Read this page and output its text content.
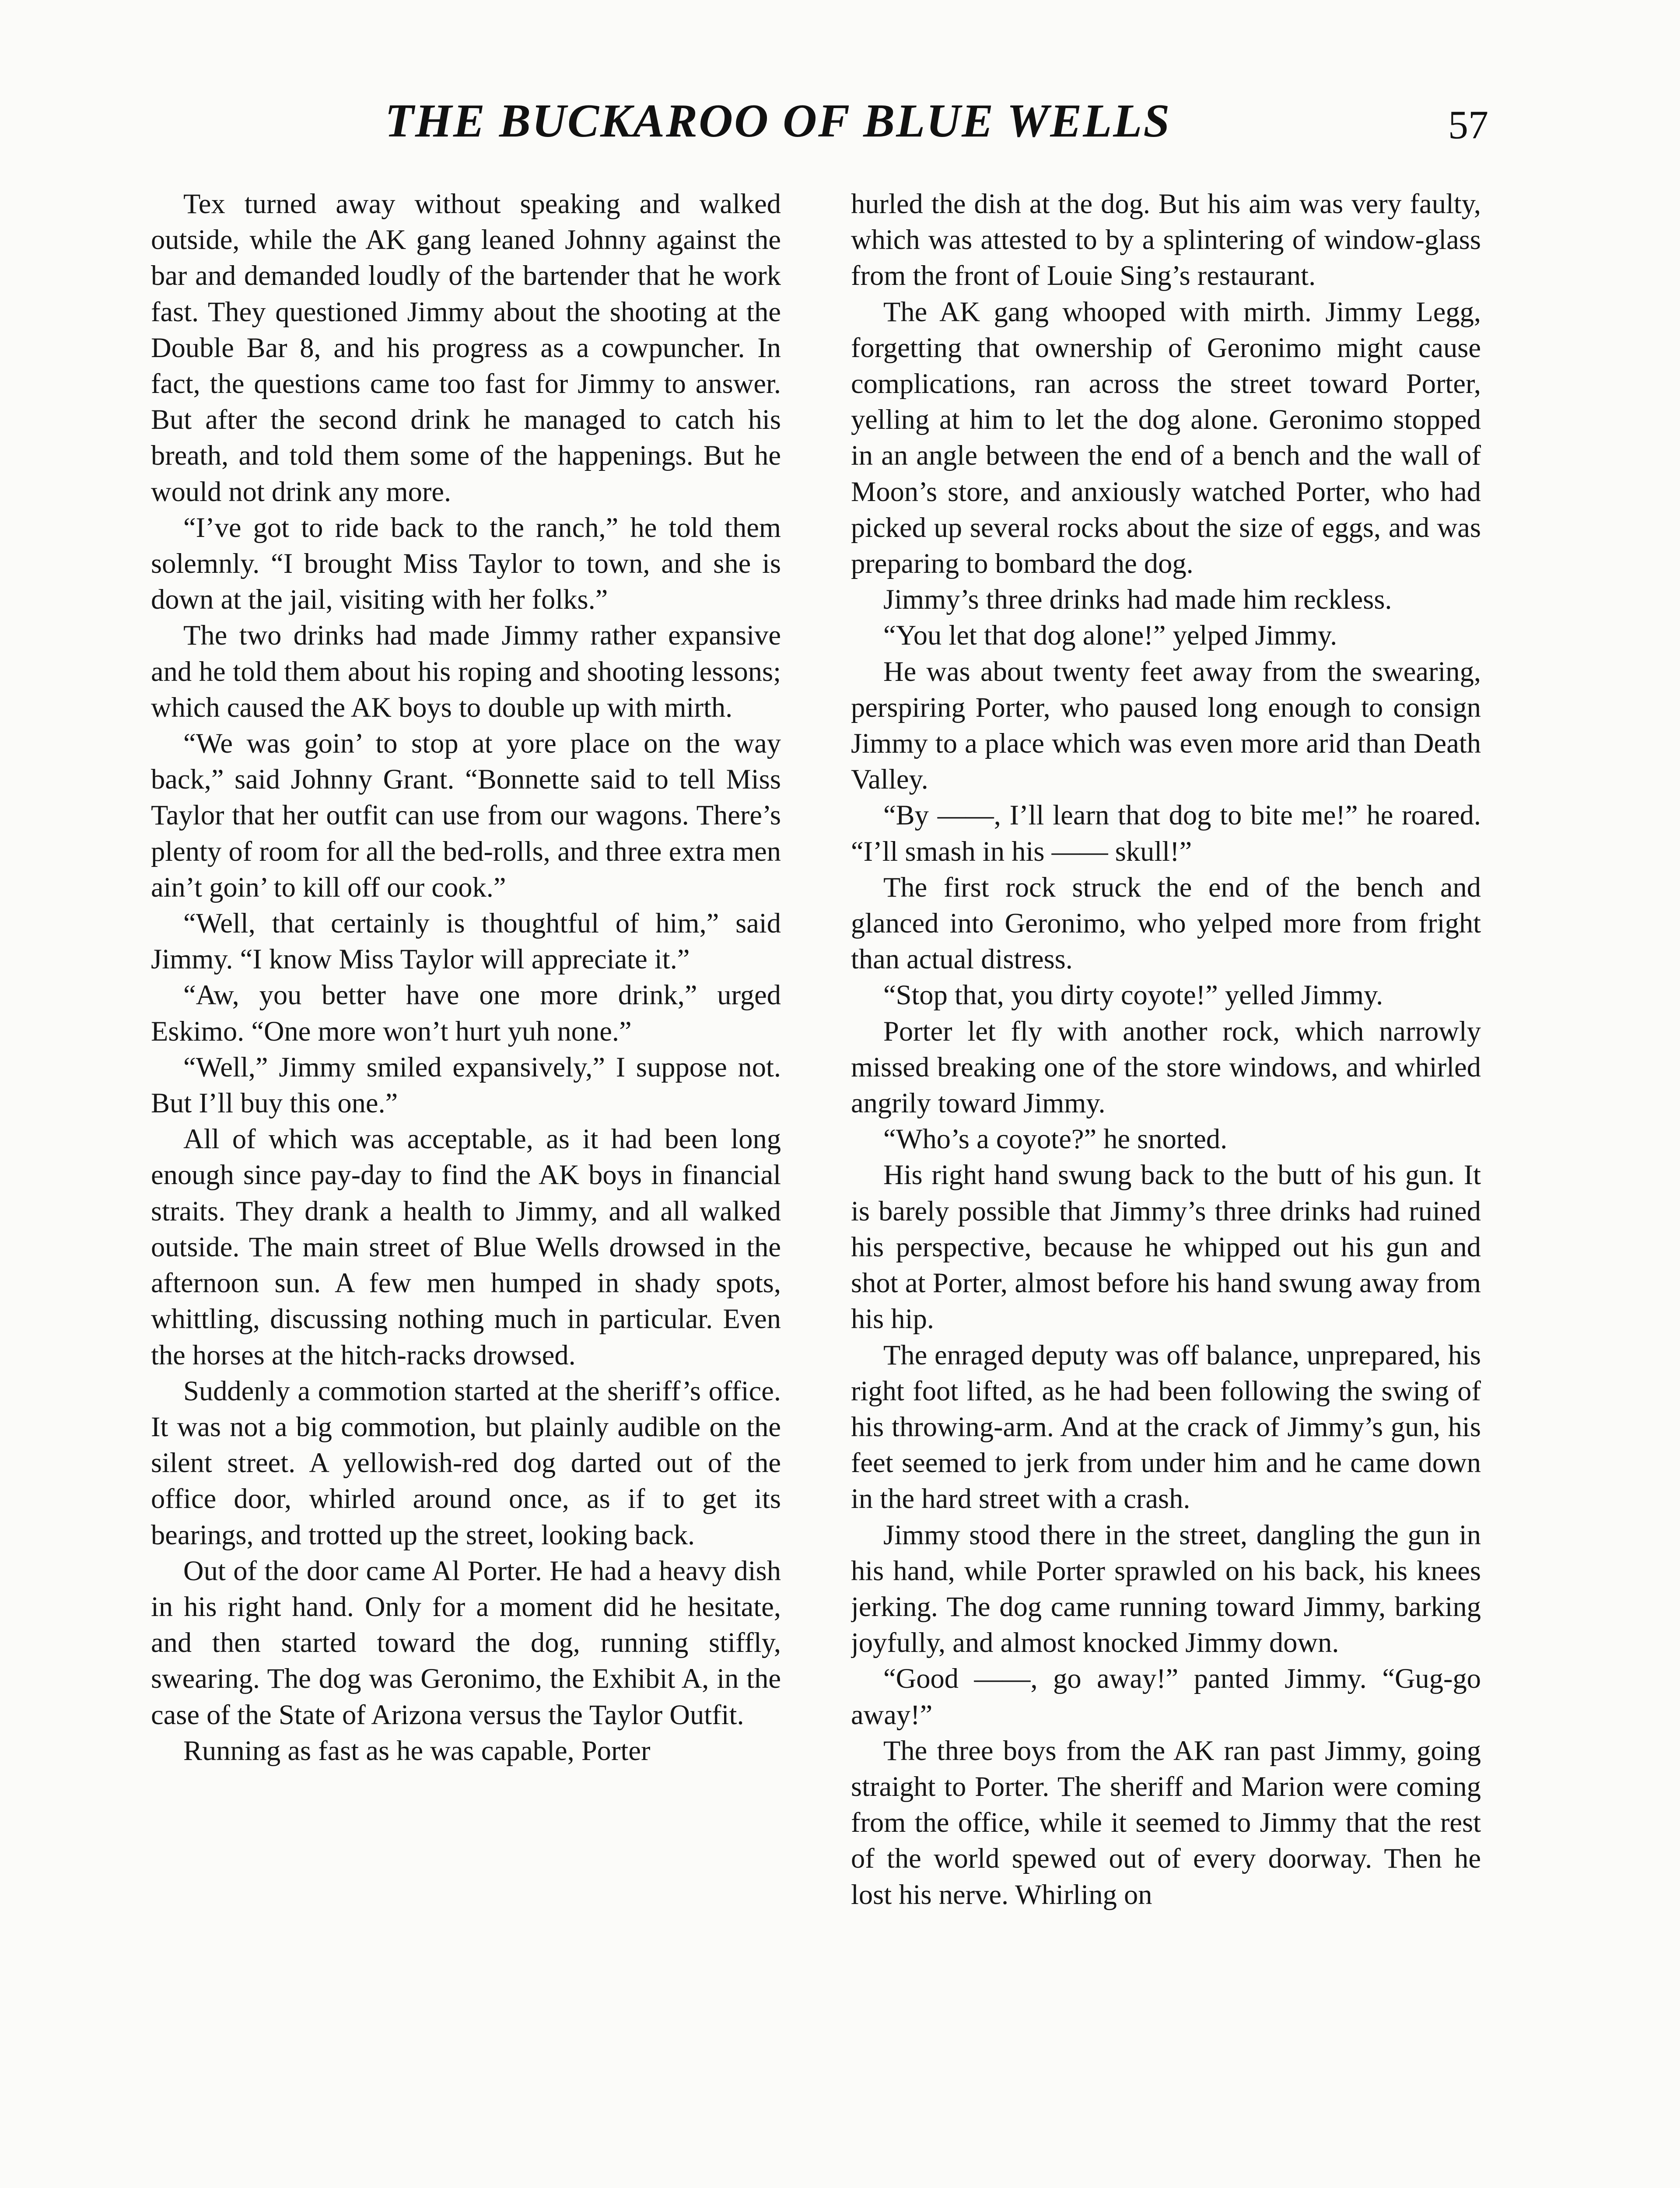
THE BUCKAROO OF BLUE WELLS	57

Tex turned away without speaking and walked outside, while the AK gang leaned Johnny against the bar and demanded loudly of the bartender that he work fast. They questioned Jimmy about the shooting at the Double Bar 8, and his progress as a cowpuncher. In fact, the questions came too fast for Jimmy to answer. But after the second drink he managed to catch his breath, and told them some of the happenings. But he would not drink any more.

“I’ve got to ride back to the ranch,” he told them solemnly. “I brought Miss Taylor to town, and she is down at the jail, visiting with her folks.”

The two drinks had made Jimmy rather expansive and he told them about his roping and shooting lessons; which caused the AK boys to double up with mirth.

“We was goin’ to stop at yore place on the way back,” said Johnny Grant. “Bonnette said to tell Miss Taylor that her outfit can use from our wagons. There’s plenty of room for all the bed-rolls, and three extra men ain’t goin’ to kill off our cook.”

“Well, that certainly is thoughtful of him,” said Jimmy. “I know Miss Taylor will appreciate it.”

“Aw, you better have one more drink,” urged Eskimo. “One more won’t hurt yuh none.”

“Well,” Jimmy smiled expansively,” I suppose not. But I’ll buy this one.”

All of which was acceptable, as it had been long enough since pay-day to find the AK boys in financial straits. They drank a health to Jimmy, and all walked outside. The main street of Blue Wells drowsed in the afternoon sun. A few men humped in shady spots, whittling, discussing nothing much in particular. Even the horses at the hitch-racks drowsed.

Suddenly a commotion started at the sheriff’s office. It was not a big commotion, but plainly audible on the silent street. A yellowish-red dog darted out of the office door, whirled around once, as if to get its bearings, and trotted up the street, looking back.

Out of the door came Al Porter. He had a heavy dish in his right hand. Only for a moment did he hesitate, and then started toward the dog, running stiffly, swearing. The dog was Geronimo, the Exhibit A, in the case of the State of Arizona versus the Taylor Outfit.

Running as fast as he was capable, Porter

hurled the dish at the dog. But his aim was very faulty, which was attested to by a splintering of window-glass from the front of Louie Sing’s restaurant.

The AK gang whooped with mirth. Jimmy Legg, forgetting that ownership of Geronimo might cause complications, ran across the street toward Porter, yelling at him to let the dog alone. Geronimo stopped in an angle between the end of a bench and the wall of Moon’s store, and anxiously watched Porter, who had picked up several rocks about the size of eggs, and was preparing to bombard the dog.

Jimmy’s three drinks had made him reckless.

“You let that dog alone!” yelped Jimmy.

He was about twenty feet away from the swearing, perspiring Porter, who paused long enough to consign Jimmy to a place which was even more arid than Death Valley.

“By ——, I’ll learn that dog to bite me!” he roared. “I’ll smash in his —— skull!”

The first rock struck the end of the bench and glanced into Geronimo, who yelped more from fright than actual distress.

“Stop that, you dirty coyote!” yelled Jimmy.

Porter let fly with another rock, which narrowly missed breaking one of the store windows, and whirled angrily toward Jimmy.

“Who’s a coyote?” he snorted.

His right hand swung back to the butt of his gun. It is barely possible that Jimmy’s three drinks had ruined his perspective, because he whipped out his gun and shot at Porter, almost before his hand swung away from his hip.

The enraged deputy was off balance, unprepared, his right foot lifted, as he had been following the swing of his throwing-arm. And at the crack of Jimmy’s gun, his feet seemed to jerk from under him and he came down in the hard street with a crash.

Jimmy stood there in the street, dangling the gun in his hand, while Porter sprawled on his back, his knees jerking. The dog came running toward Jimmy, barking joyfully, and almost knocked Jimmy down.

“Good ——, go away!” panted Jimmy. “Gug-go away!”

The three boys from the AK ran past Jimmy, going straight to Porter. The sheriff and Marion were coming from the office, while it seemed to Jimmy that the rest of the world spewed out of every doorway. Then he lost his nerve. Whirling on
